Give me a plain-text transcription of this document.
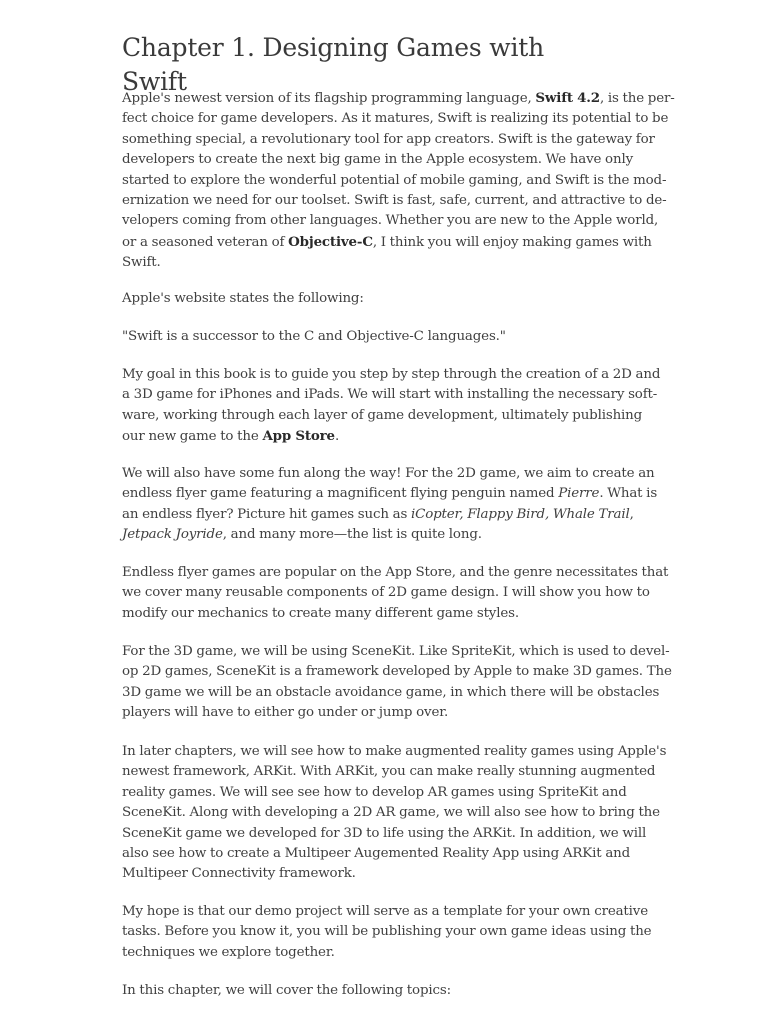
Chapter 1. Designing Games with Swift

Apple's newest version of its flagship programming language, Swift 4.2, is the per-
fect choice for game developers. As it matures, Swift is realizing its potential to be
something special, a revolutionary tool for app creators. Swift is the gateway for
developers to create the next big game in the Apple ecosystem. We have only
started to explore the wonderful potential of mobile gaming, and Swift is the mod-
ernization we need for our toolset. Swift is fast, safe, current, and attractive to de-
velopers coming from other languages. Whether you are new to the Apple world,
or a seasoned veteran of Objective-C, I think you will enjoy making games with
Swift.

Apple's website states the following:

"Swift is a successor to the C and Objective-C languages."

My goal in this book is to guide you step by step through the creation of a 2D and
a 3D game for iPhones and iPads. We will start with installing the necessary soft-
ware, working through each layer of game development, ultimately publishing
our new game to the App Store.

We will also have some fun along the way! For the 2D game, we aim to create an
endless flyer game featuring a magnificent flying penguin named Pierre. What is
an endless flyer? Picture hit games such as iCopter, Flappy Bird, Whale Trail,
Jetpack Joyride, and many more—the list is quite long.

Endless flyer games are popular on the App Store, and the genre necessitates that
we cover many reusable components of 2D game design. I will show you how to
modify our mechanics to create many different game styles.

For the 3D game, we will be using SceneKit. Like SpriteKit, which is used to devel-
op 2D games, SceneKit is a framework developed by Apple to make 3D games. The
3D game we will be an obstacle avoidance game, in which there will be obstacles
players will have to either go under or jump over.

In later chapters, we will see how to make augmented reality games using Apple's
newest framework, ARKit. With ARKit, you can make really stunning augmented
reality games. We will see see how to develop AR games using SpriteKit and
SceneKit. Along with developing a 2D AR game, we will also see how to bring the
SceneKit game we developed for 3D to life using the ARKit. In addition, we will
also see how to create a Multipeer Augemented Reality App using ARKit and
Multipeer Connectivity framework.

My hope is that our demo project will serve as a template for your own creative
tasks. Before you know it, you will be publishing your own game ideas using the
techniques we explore together.

In this chapter, we will cover the following topics:
